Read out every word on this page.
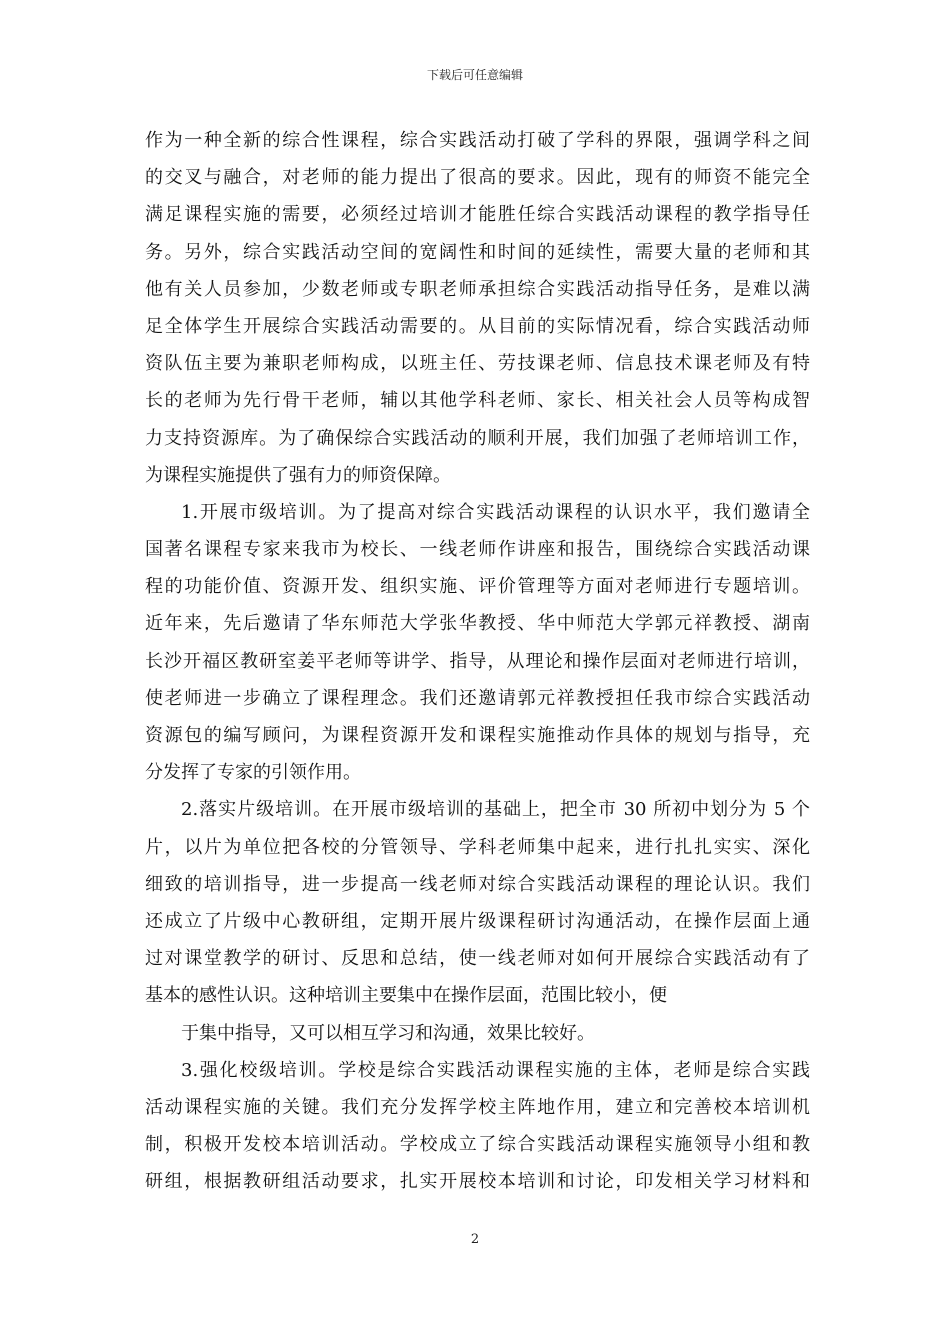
下载后可任意编辑
作为一种全新的综合性课程，综合实践活动打破了学科的界限，强调学科之间
的交叉与融合，对老师的能力提出了很高的要求。因此，现有的师资不能完全
满足课程实施的需要，必须经过培训才能胜任综合实践活动课程的教学指导任
务。另外，综合实践活动空间的宽阔性和时间的延续性，需要大量的老师和其
他有关人员参加，少数老师或专职老师承担综合实践活动指导任务，是难以满
足全体学生开展综合实践活动需要的。从目前的实际情况看，综合实践活动师
资队伍主要为兼职老师构成，以班主任、劳技课老师、信息技术课老师及有特
长的老师为先行骨干老师，辅以其他学科老师、家长、相关社会人员等构成智
力支持资源库。为了确保综合实践活动的顺利开展，我们加强了老师培训工作，
为课程实施提供了强有力的师资保障。
1.开展市级培训。为了提高对综合实践活动课程的认识水平，我们邀请全
国著名课程专家来我市为校长、一线老师作讲座和报告，围绕综合实践活动课
程的功能价值、资源开发、组织实施、评价管理等方面对老师进行专题培训。
近年来，先后邀请了华东师范大学张华教授、华中师范大学郭元祥教授、湖南
长沙开福区教研室姜平老师等讲学、指导，从理论和操作层面对老师进行培训，
使老师进一步确立了课程理念。我们还邀请郭元祥教授担任我市综合实践活动
资源包的编写顾问，为课程资源开发和课程实施推动作具体的规划与指导，充
分发挥了专家的引领作用。
2.落实片级培训。在开展市级培训的基础上，把全市 30 所初中划分为 5 个
片，以片为单位把各校的分管领导、学科老师集中起来，进行扎扎实实、深化
细致的培训指导，进一步提高一线老师对综合实践活动课程的理论认识。我们
还成立了片级中心教研组，定期开展片级课程研讨沟通活动，在操作层面上通
过对课堂教学的研讨、反思和总结，使一线老师对如何开展综合实践活动有了
基本的感性认识。这种培训主要集中在操作层面，范围比较小，便
于集中指导，又可以相互学习和沟通，效果比较好。
3.强化校级培训。学校是综合实践活动课程实施的主体，老师是综合实践
活动课程实施的关键。我们充分发挥学校主阵地作用，建立和完善校本培训机
制，积极开发校本培训活动。学校成立了综合实践活动课程实施领导小组和教
研组，根据教研组活动要求，扎实开展校本培训和讨论，印发相关学习材料和
2
